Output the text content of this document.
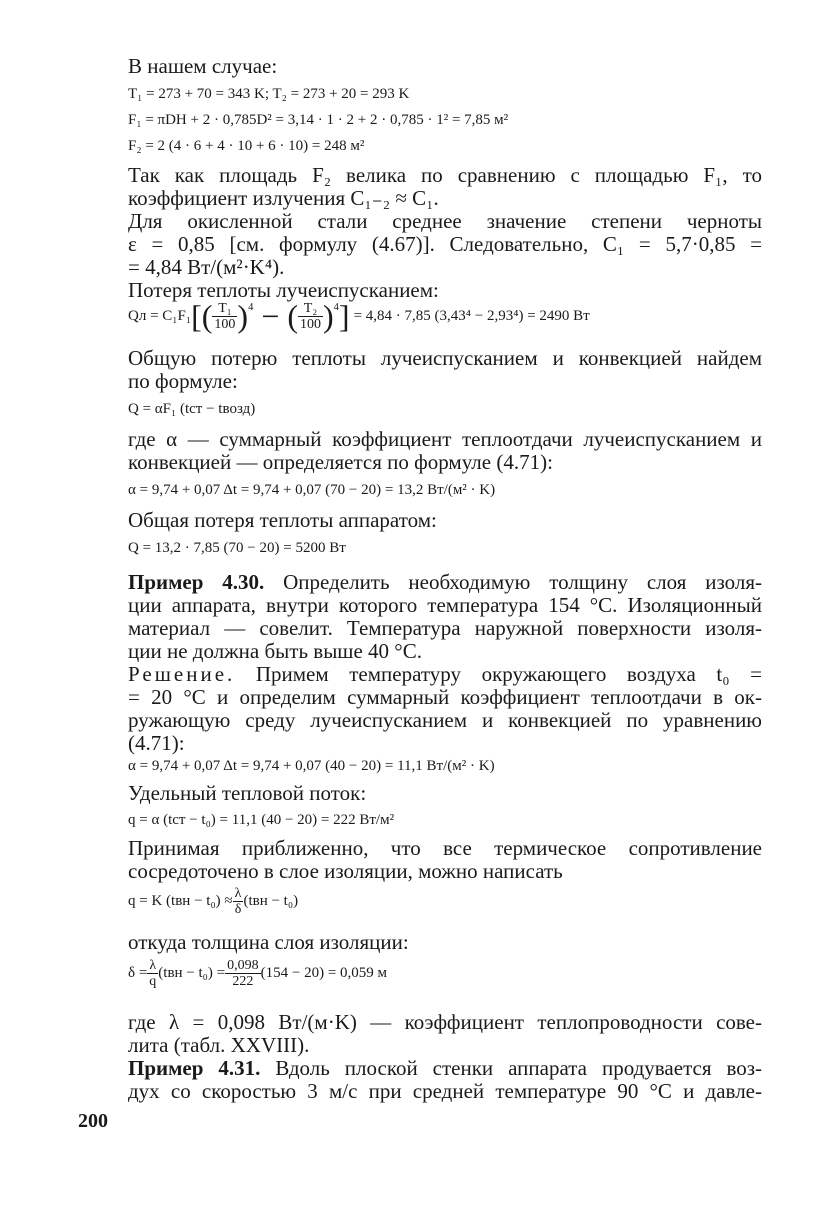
В нашем случае:
T₁ = 273 + 70 = 343 K; T₂ = 273 + 20 = 293 K
F₁ = πDH + 2 · 0,785D² = 3,14 · 1 · 2 + 2 · 0,785 · 1² = 7,85 м²
F₂ = 2 (4 · 6 + 4 · 10 + 6 · 10) = 248 м²
Так как площадь F₂ велика по сравнению с площадью F₁, то
коэффициент излучения C₁₋₂ ≈ C₁.
Для окисленной стали среднее значение степени черноты
ε = 0,85 [см. формулу (4.67)]. Следовательно, C₁ = 5,7·0,85 =
= 4,84 Вт/(м²·K⁴).
Потеря теплоты лучеиспусканием:
Qл = C₁F₁ [( $\frac{\text{T₁}}{100} )^4$ − ( $\frac{\text{T₂}}{100} )^4$ ] = 4,84 · 7,85 (3,43⁴ − 2,93⁴) = 2490 Вт
Общую потерю теплоты лучеиспусканием и конвекцией найдем
по формуле:
Q = αF₁ (tст − tвозд)
где α — суммарный коэффициент теплоотдачи лучеиспусканием и
конвекцией — определяется по формуле (4.71):
α = 9,74 + 0,07 Δt = 9,74 + 0,07 (70 − 20) = 13,2 Вт/(м² · K)
Общая потеря теплоты аппаратом:
Q = 13,2 · 7,85 (70 − 20) = 5200 Вт
Пример 4.30. Определить необходимую толщину слоя изоля-
ции аппарата, внутри которого температура 154 °С. Изоляционный
материал — совелит. Температура наружной поверхности изоля-
ции не должна быть выше 40 °С.
Решение. Примем температуру окружающего воздуха t₀ =
= 20 °С и определим суммарный коэффициент теплоотдачи в ок-
ружающую среду лучеиспусканием и конвекцией по уравнению
(4.71):
α = 9,74 + 0,07 Δt = 9,74 + 0,07 (40 − 20) = 11,1 Вт/(м² · K)
Удельный тепловой поток:
q = α (tст − t₀) = 11,1 (40 − 20) = 222 Вт/м²
Принимая приближенно, что все термическое сопротивление
сосредоточено в слое изоляции, можно написать
q = K $(tвн - t_0) \approx \frac{\lambda}{\delta} (tвн - t_0)$
откуда толщина слоя изоляции:
$\delta = \frac{\lambda}{q} (tвн - t_0) = \frac{0,098}{222} (154 - 20) = 0,059$ м
где λ = 0,098 Вт/(м·K) — коэффициент теплопроводности сове-
лита (табл. XXVIII).
Пример 4.31. Вдоль плоской стенки аппарата продувается воз-
дух со скоростью 3 м/с при средней температуре 90 °С и давле-
200
